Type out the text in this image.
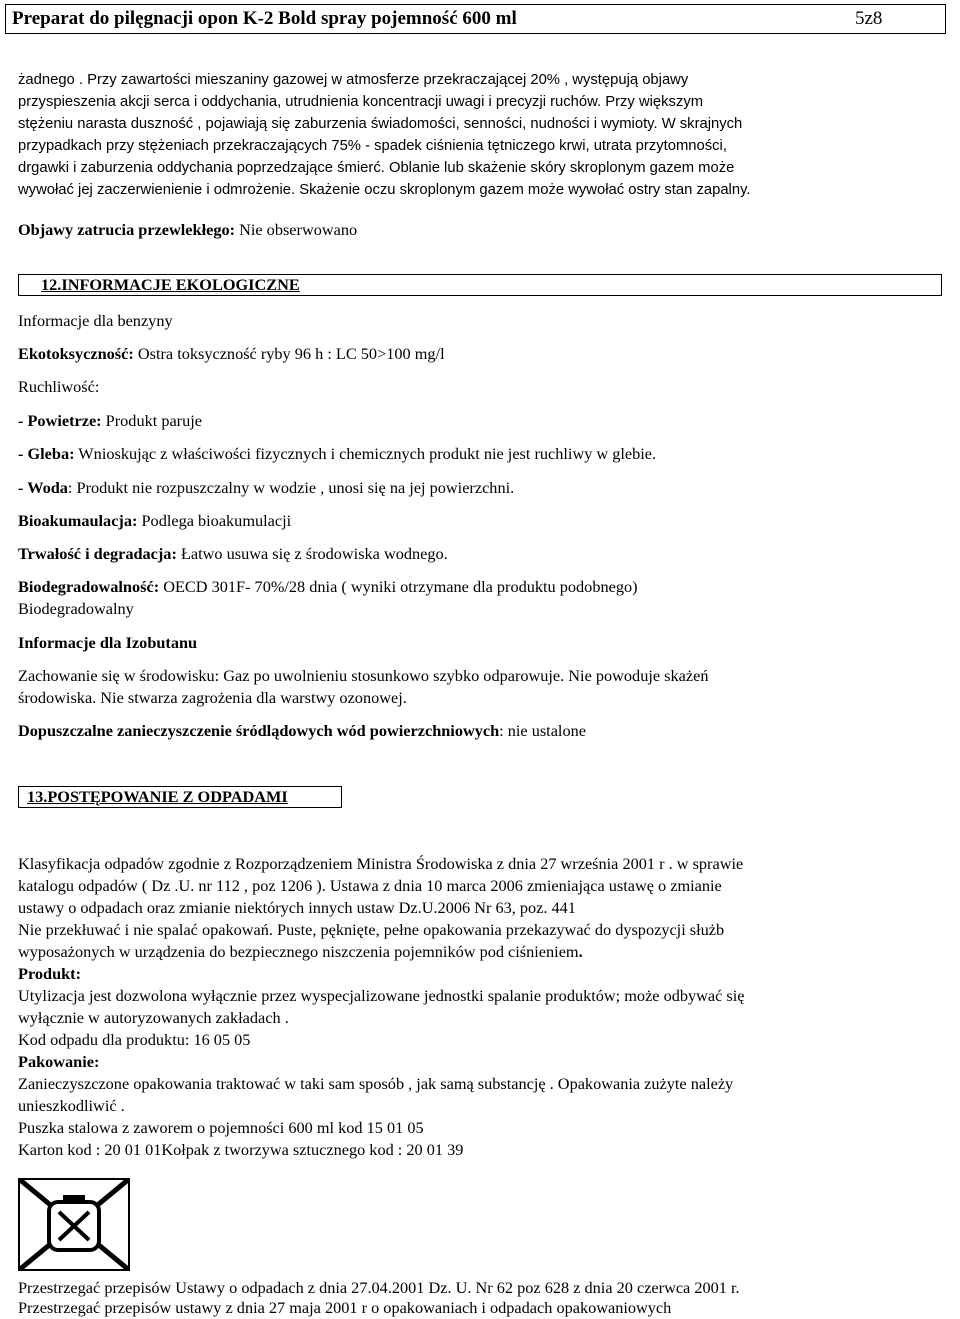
Preparat do pilęgnacji opon K-2 Bold spray pojemność 600 ml	5z8
żadnego . Przy zawartości mieszaniny gazowej w atmosferze przekraczającej 20% , występują objawy
przyspieszenia akcji serca i oddychania, utrudnienia koncentracji uwagi i precyzji ruchów. Przy większym
stężeniu narasta duszność , pojawiają się zaburzenia świadomości, senności, nudności i wymioty. W skrajnych
przypadkach przy stężeniach przekraczających 75% - spadek ciśnienia tętniczego krwi, utrata przytomności,
drgawki i zaburzenia oddychania poprzedzające śmierć. Oblanie lub skażenie skóry skroplonym gazem może
wywołać jej zaczerwienienie i odmrożenie. Skażenie oczu skroplonym gazem może wywołać ostry stan zapalny.
Objawy zatrucia przewlekłego: Nie obserwowano
12.INFORMACJE EKOLOGICZNE
Informacje dla benzyny
Ekotoksyczność: Ostra toksyczność ryby 96 h : LC 50>100 mg/l
Ruchliwość:
- Powietrze: Produkt paruje
- Gleba: Wnioskując z właściwości fizycznych i chemicznych produkt nie jest ruchliwy w glebie.
- Woda: Produkt nie rozpuszczalny w wodzie , unosi się na jej powierzchni.
Bioakumaulacja: Podlega bioakumulacji
Trwałość i degradacja: Łatwo usuwa się z środowiska wodnego.
Biodegradowalność: OECD 301F- 70%/28 dnia ( wyniki otrzymane dla produktu podobnego)
Biodegradowalny
Informacje dla Izobutanu
Zachowanie się w środowisku: Gaz po uwolnieniu stosunkowo szybko odparowuje. Nie powoduje skażeń
środowiska. Nie stwarza zagrożenia dla warstwy ozonowej.
Dopuszczalne zanieczyszczenie śródlądowych wód powierzchniowych: nie ustalone
13.POSTĘPOWANIE Z ODPADAMI
Klasyfikacja odpadów zgodnie z Rozporządzeniem Ministra Środowiska z dnia 27 września 2001 r . w sprawie
katalogu odpadów ( Dz .U. nr 112 , poz 1206 ). Ustawa z dnia 10 marca 2006 zmieniająca ustawę o zmianie
ustawy o odpadach oraz zmianie niektórych innych ustaw Dz.U.2006 Nr 63, poz. 441
Nie przekłuwać i nie spalać opakowań. Puste, pęknięte, pełne opakowania przekazywać do dyspozycji służb
wyposażonych w urządzenia do bezpiecznego niszczenia pojemników pod ciśnieniem.
Produkt:
Utylizacja jest dozwolona wyłącznie przez wyspecjalizowane jednostki spalanie produktów; może odbywać się
wyłącznie w autoryzowanych zakładach .
Kod odpadu dla produktu: 16 05 05
Pakowanie:
Zanieczyszczone opakowania traktować w taki sam sposób , jak samą substancję . Opakowania zużyte należy
unieszkodliwić .
Puszka stalowa z zaworem o pojemności 600 ml kod 15 01 05
Karton kod : 20 01 01Kołpak z tworzywa sztucznego kod : 20 01 39
Przestrzegać przepisów Ustawy o odpadach z dnia 27.04.2001 Dz. U. Nr 62 poz 628 z dnia 20 czerwca 2001 r.
Przestrzegać przepisów ustawy z dnia 27 maja 2001 r o opakowaniach i odpadach opakowaniowych
